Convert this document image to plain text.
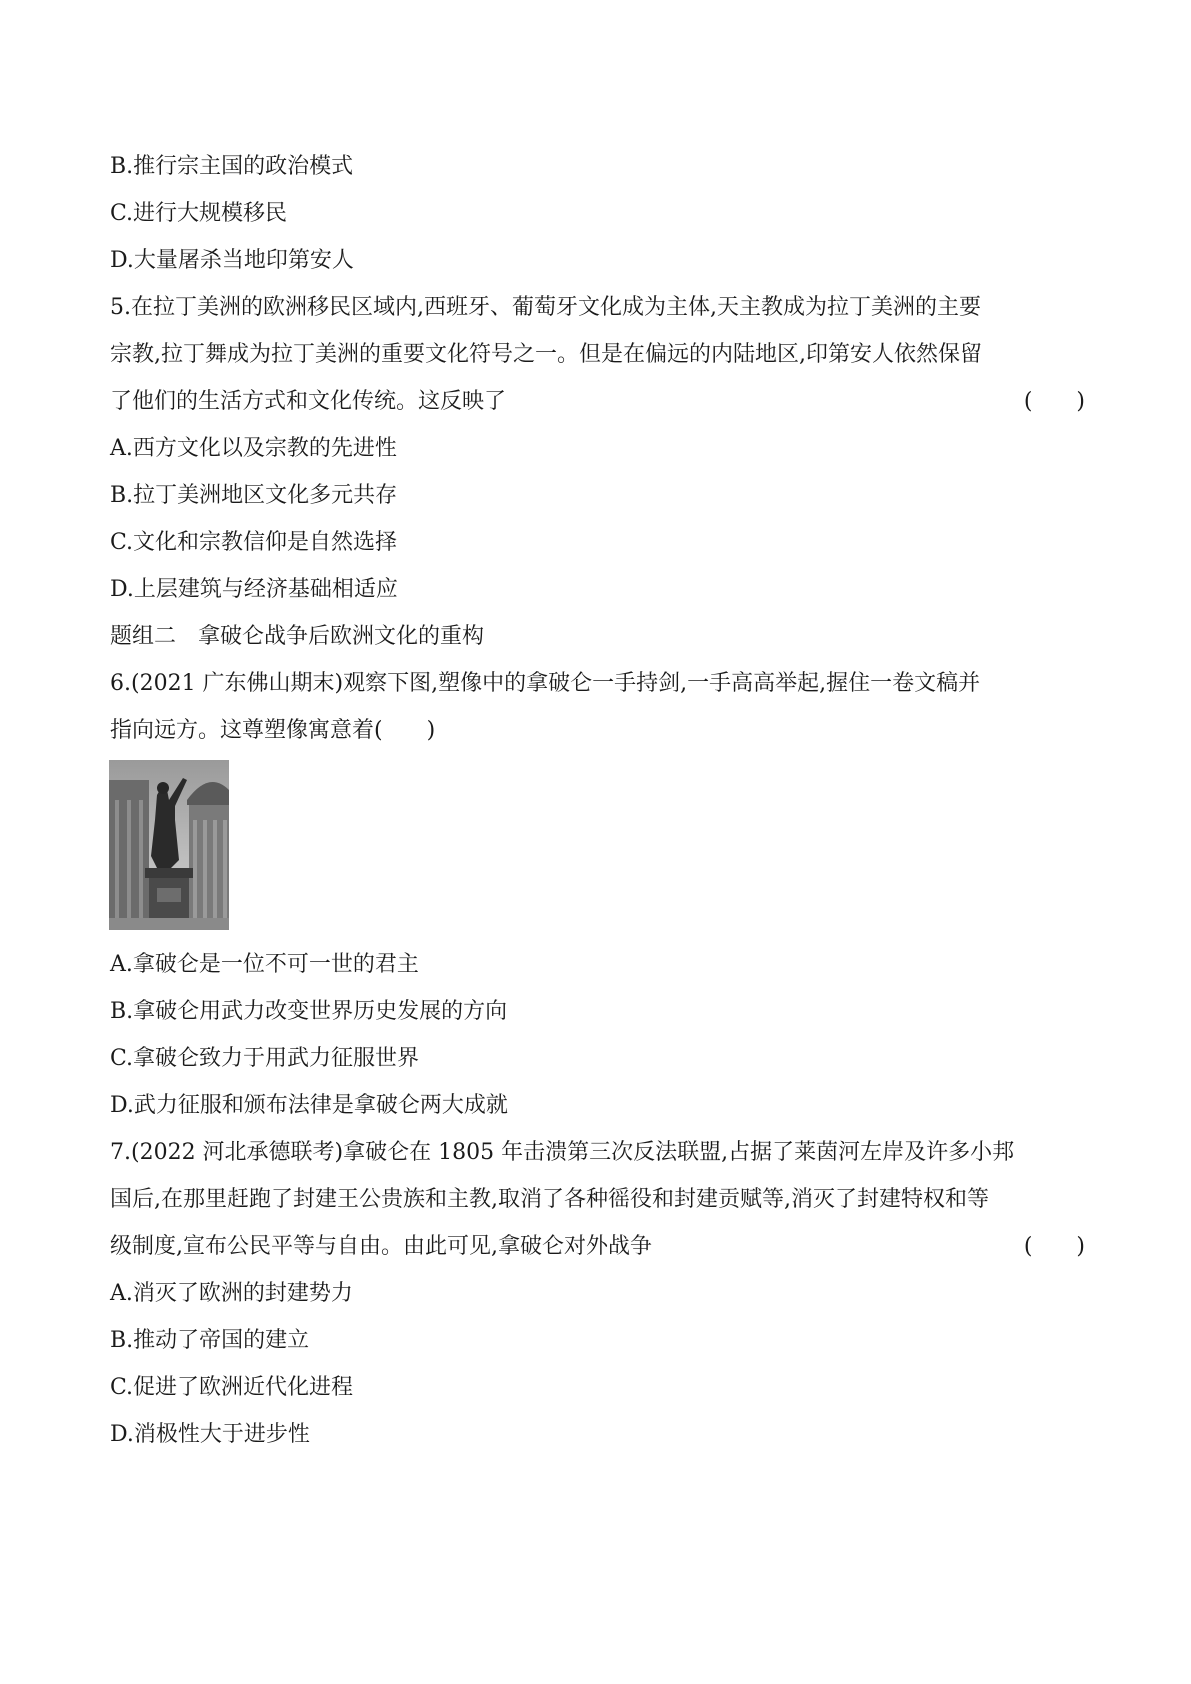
B.推行宗主国的政治模式
C.进行大规模移民
D.大量屠杀当地印第安人
5.在拉丁美洲的欧洲移民区域内,西班牙、葡萄牙文化成为主体,天主教成为拉丁美洲的主要
宗教,拉丁舞成为拉丁美洲的重要文化符号之一。但是在偏远的内陆地区,印第安人依然保留
了他们的生活方式和文化传统。这反映了	(　　)
A.西方文化以及宗教的先进性
B.拉丁美洲地区文化多元共存
C.文化和宗教信仰是自然选择
D.上层建筑与经济基础相适应
题组二　拿破仑战争后欧洲文化的重构
6.(2021 广东佛山期末)观察下图,塑像中的拿破仑一手持剑,一手高高举起,握住一卷文稿并
指向远方。这尊塑像寓意着(　　)
A.拿破仑是一位不可一世的君主
B.拿破仑用武力改变世界历史发展的方向
C.拿破仑致力于用武力征服世界
D.武力征服和颁布法律是拿破仑两大成就
7.(2022 河北承德联考)拿破仑在 1805 年击溃第三次反法联盟,占据了莱茵河左岸及许多小邦
国后,在那里赶跑了封建王公贵族和主教,取消了各种徭役和封建贡赋等,消灭了封建特权和等
级制度,宣布公民平等与自由。由此可见,拿破仑对外战争	(　　)
A.消灭了欧洲的封建势力
B.推动了帝国的建立
C.促进了欧洲近代化进程
D.消极性大于进步性
